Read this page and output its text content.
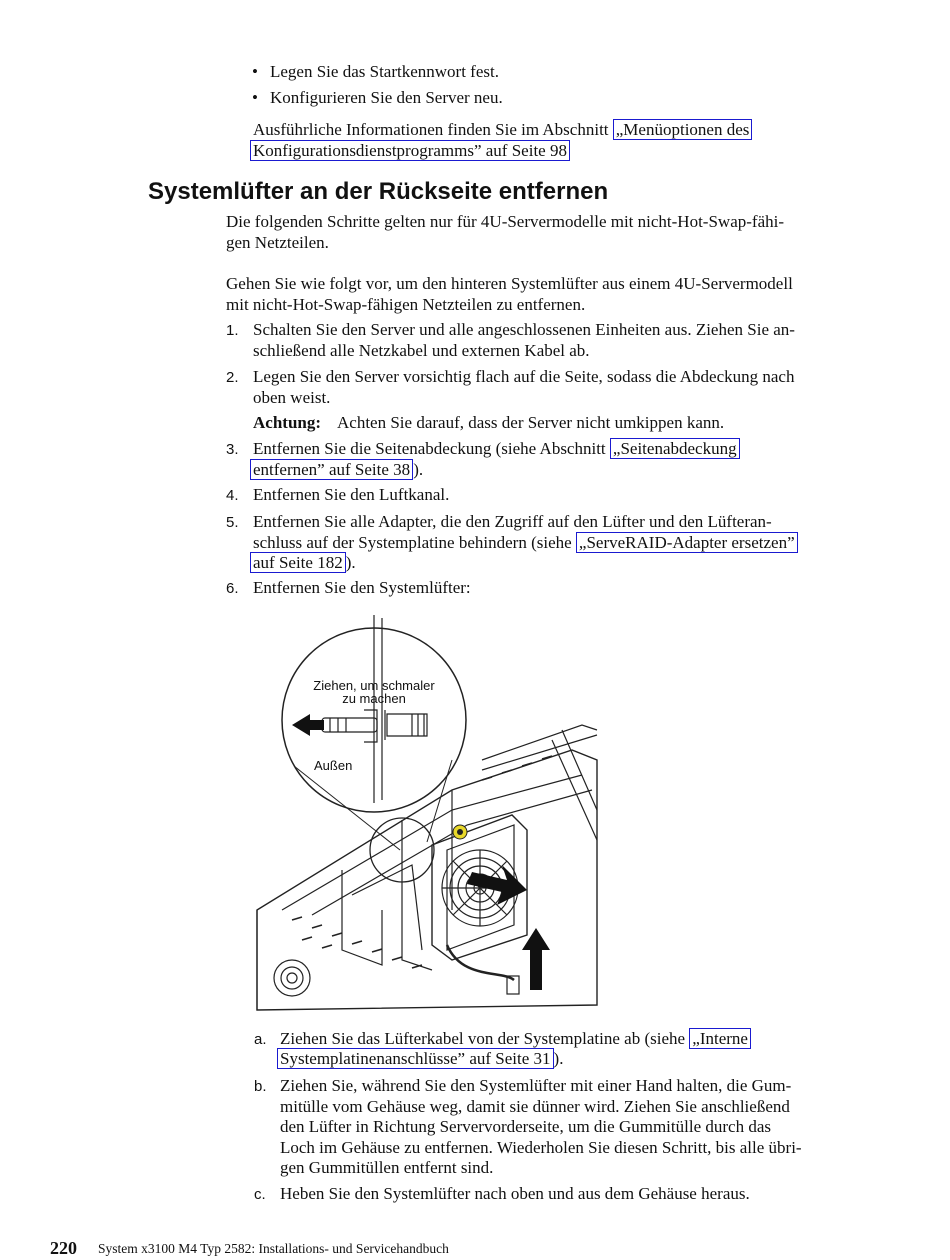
• Legen Sie das Startkennwort fest.
• Konfigurieren Sie den Server neu.
Ausführliche Informationen finden Sie im Abschnitt „Menüoptionen des
Konfigurationsdienstprogramms” auf Seite 98
Systemlüfter an der Rückseite entfernen
Die folgenden Schritte gelten nur für 4U-Servermodelle mit nicht-Hot-Swap-fähi-
gen Netzteilen.
Gehen Sie wie folgt vor, um den hinteren Systemlüfter aus einem 4U-Servermodell
mit nicht-Hot-Swap-fähigen Netzteilen zu entfernen.
1. Schalten Sie den Server und alle angeschlossenen Einheiten aus. Ziehen Sie an-
schließend alle Netzkabel und externen Kabel ab.
2. Legen Sie den Server vorsichtig flach auf die Seite, sodass die Abdeckung nach
oben weist.
Achtung: Achten Sie darauf, dass der Server nicht umkippen kann.
3. Entfernen Sie die Seitenabdeckung (siehe Abschnitt „Seitenabdeckung
entfernen” auf Seite 38 ).
4. Entfernen Sie den Luftkanal.
5. Entfernen Sie alle Adapter, die den Zugriff auf den Lüfter und den Lüfteran-
schluss auf der Systemplatine behindern (siehe „ServeRAID-Adapter ersetzen”
auf Seite 182 ).
6. Entfernen Sie den Systemlüfter:
Ziehen, um schmaler
zu machen
Außen
a. Ziehen Sie das Lüfterkabel von der Systemplatine ab (siehe „Interne
Systemplatinenanschlüsse” auf Seite 31 ).
b. Ziehen Sie, während Sie den Systemlüfter mit einer Hand halten, die Gum-
mitülle vom Gehäuse weg, damit sie dünner wird. Ziehen Sie anschließend
den Lüfter in Richtung Servervorderseite, um die Gummitülle durch das
Loch im Gehäuse zu entfernen. Wiederholen Sie diesen Schritt, bis alle übri-
gen Gummitüllen entfernt sind.
c. Heben Sie den Systemlüfter nach oben und aus dem Gehäuse heraus.
220 System x3100 M4 Typ 2582: Installations- und Servicehandbuch
